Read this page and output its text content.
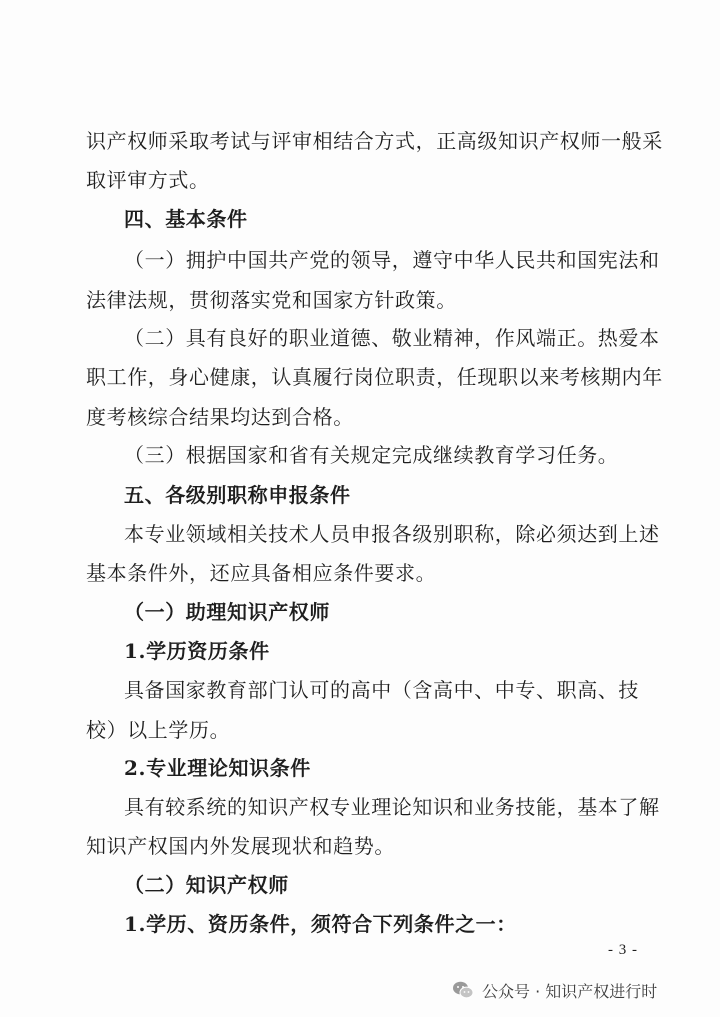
识产权师采取考试与评审相结合方式，正高级知识产权师一般采
取评审方式。
四、基本条件
（一）拥护中国共产党的领导，遵守中华人民共和国宪法和
法律法规，贯彻落实党和国家方针政策。
（二）具有良好的职业道德、敬业精神，作风端正。热爱本
职工作，身心健康，认真履行岗位职责，任现职以来考核期内年
度考核综合结果均达到合格。
（三）根据国家和省有关规定完成继续教育学习任务。
五、各级别职称申报条件
本专业领域相关技术人员申报各级别职称，除必须达到上述
基本条件外，还应具备相应条件要求。
（一）助理知识产权师
1.学历资历条件
具备国家教育部门认可的高中（含高中、中专、职高、技
校）以上学历。
2.专业理论知识条件
具有较系统的知识产权专业理论知识和业务技能，基本了解
知识产权国内外发展现状和趋势。
（二）知识产权师
1.学历、资历条件，须符合下列条件之一：
- 3 -
公众号 · 知识产权进行时
